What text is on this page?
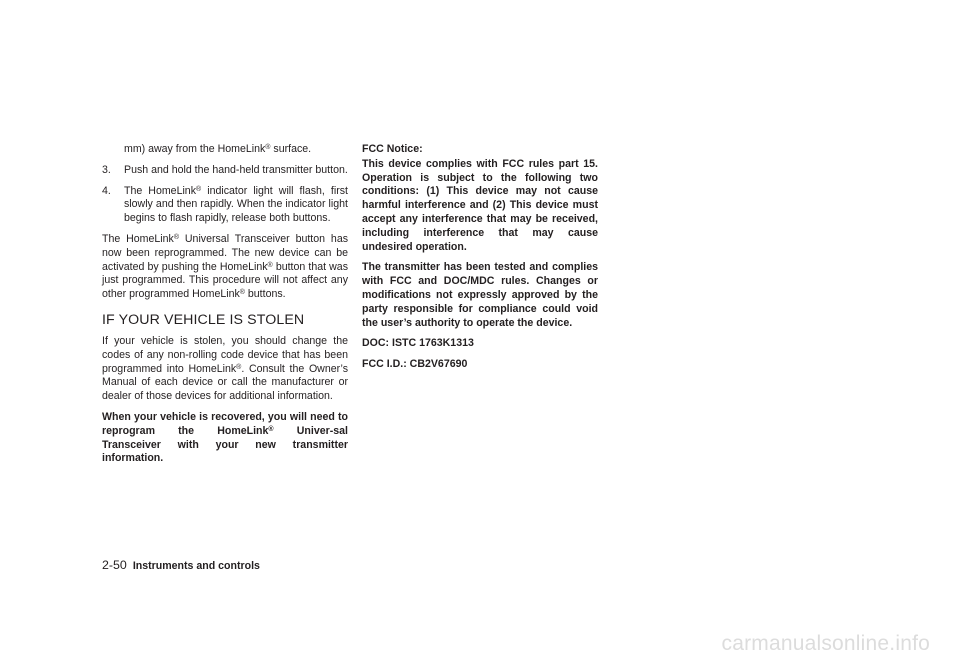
mm) away from the HomeLink® surface.

3.	Push and hold the hand-held transmitter button.
4.	The HomeLink® indicator light will flash, first slowly and then rapidly. When the indicator light begins to flash rapidly, release both buttons.

The HomeLink® Universal Transceiver button has now been reprogrammed. The new device can be activated by pushing the HomeLink® button that was just programmed. This procedure will not affect any other programmed HomeLink® buttons.

IF YOUR VEHICLE IS STOLEN

If your vehicle is stolen, you should change the codes of any non-rolling code device that has been programmed into HomeLink®. Consult the Owner’s Manual of each device or call the manufacturer or dealer of those devices for additional information.

When your vehicle is recovered, you will need to reprogram the HomeLink® Univer-sal Transceiver with your new transmitter information.

FCC Notice:

This device complies with FCC rules part 15. Operation is subject to the following two conditions: (1) This device may not cause harmful interference and (2) This device must accept any interference that may be received, including interference that may cause undesired operation.

The transmitter has been tested and complies with FCC and DOC/MDC rules. Changes or modifications not expressly approved by the party responsible for compliance could void the user’s authority to operate the device.

DOC: ISTC 1763K1313

FCC I.D.: CB2V67690

2-50 Instruments and controls
carmanualsonline.info
